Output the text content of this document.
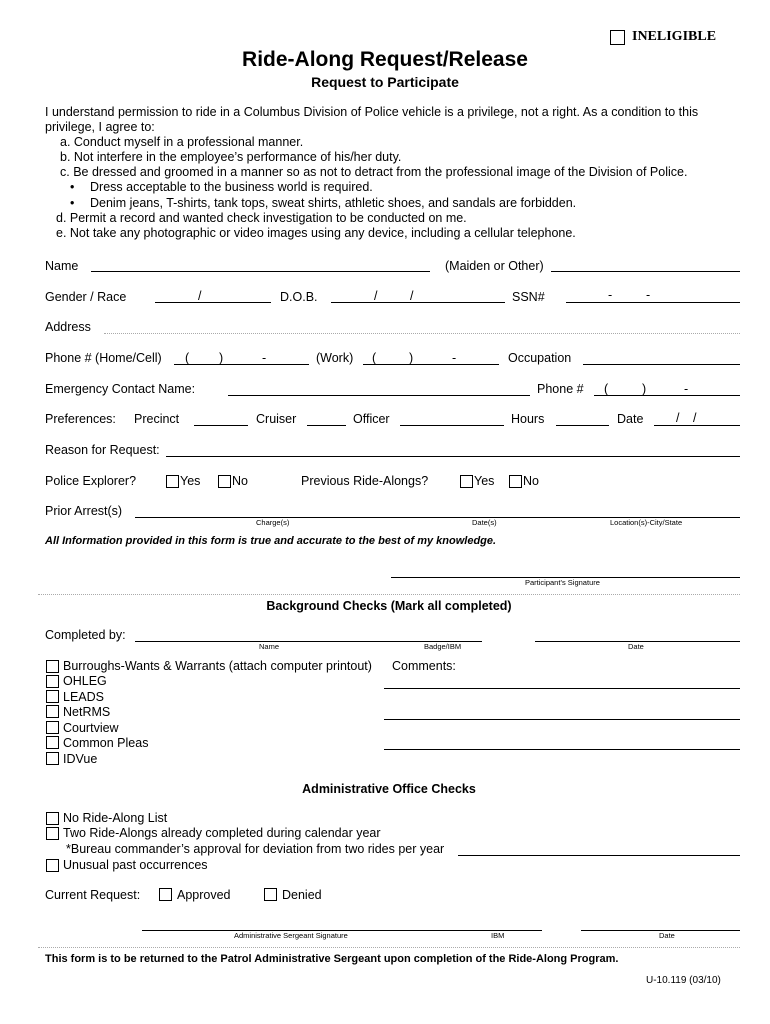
INELIGIBLE
Ride-Along Request/Release
Request to Participate
I understand permission to ride in a Columbus Division of Police vehicle is a privilege, not a right. As a condition to this
privilege, I agree to:
a. Conduct myself in a professional manner.
b. Not interfere in the employee’s performance of his/her duty.
c. Be dressed and groomed in a manner so as not to detract from the professional image of the Division of Police.
• Dress acceptable to the business world is required.
• Denim jeans, T-shirts, tank tops, sweat shirts, athletic shoes, and sandals are forbidden.
d. Permit a record and wanted check investigation to be conducted on me.
e. Not take any photographic or video images using any device, including a cellular telephone.
Name	(Maiden or Other)
Gender / Race	/	D.O.B.	/	/	SSN#	-	-
Address
Phone # (Home/Cell) ( )	-	(Work) (	)	-	Occupation
Emergency Contact Name:	Phone # (	)	-
Preferences: Precinct	Cruiser	Officer	Hours	Date	/ /
Reason for Request:
Police Explorer?	Yes	No	Previous Ride-Alongs?	Yes No
Prior Arrest(s)
Charge(s)	Date(s)	Location(s)-City/State
All Information provided in this form is true and accurate to the best of my knowledge.
Participant’s Signature
Background Checks (Mark all completed)
Completed by:
Name	Badge/IBM	Date
Burroughs-Wants & Warrants (attach computer printout)
OHLEG
LEADS
NetRMS
Courtview
Common Pleas
IDVue
Comments:
Administrative Office Checks
No Ride-Along List
Two Ride-Alongs already completed during calendar year
*Bureau commander’s approval for deviation from two rides per year
Unusual past occurrences
Current Request:	Approved	Denied
Administrative Sergeant Signature	IBM	Date
This form is to be returned to the Patrol Administrative Sergeant upon completion of the Ride-Along Program.
U-10.119 (03/10)
